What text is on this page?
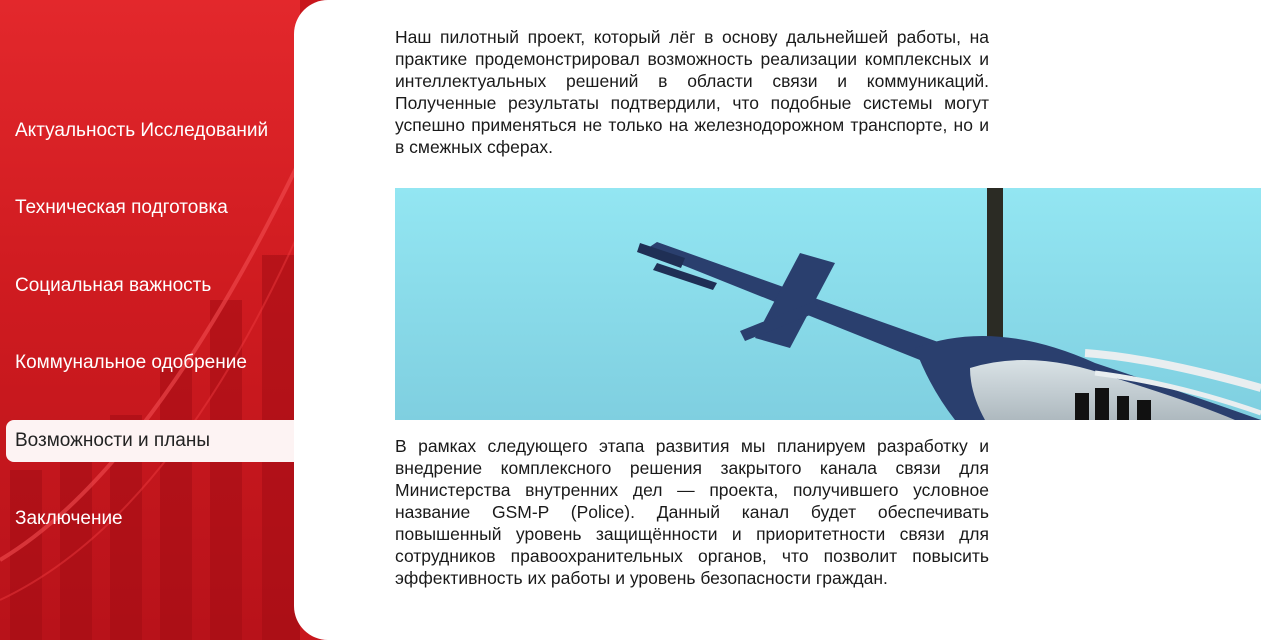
Актуальность Исследований
Техническая подготовка
Социальная важность
Коммунальное одобрение
Возможности и планы
Заключение

Наш пилотный проект, который лёг в основу дальнейшей работы, на практике продемонстрировал возможность реализации комплексных и интеллектуальных решений в области связи и коммуникаций. Полученные результаты подтвердили, что подобные системы могут успешно применяться не только на железнодорожном транспорте, но и в смежных сферах.

В рамках следующего этапа развития мы планируем разработку и внедрение комплексного решения закрытого канала связи для Министерства внутренних дел — проекта, получившего условное название GSM-P (Police). Данный канал будет обеспечивать повышенный уровень защищённости и приоритетности связи для сотрудников правоохранительных органов, что позволит повысить эффективность их работы и уровень безопасности граждан.
